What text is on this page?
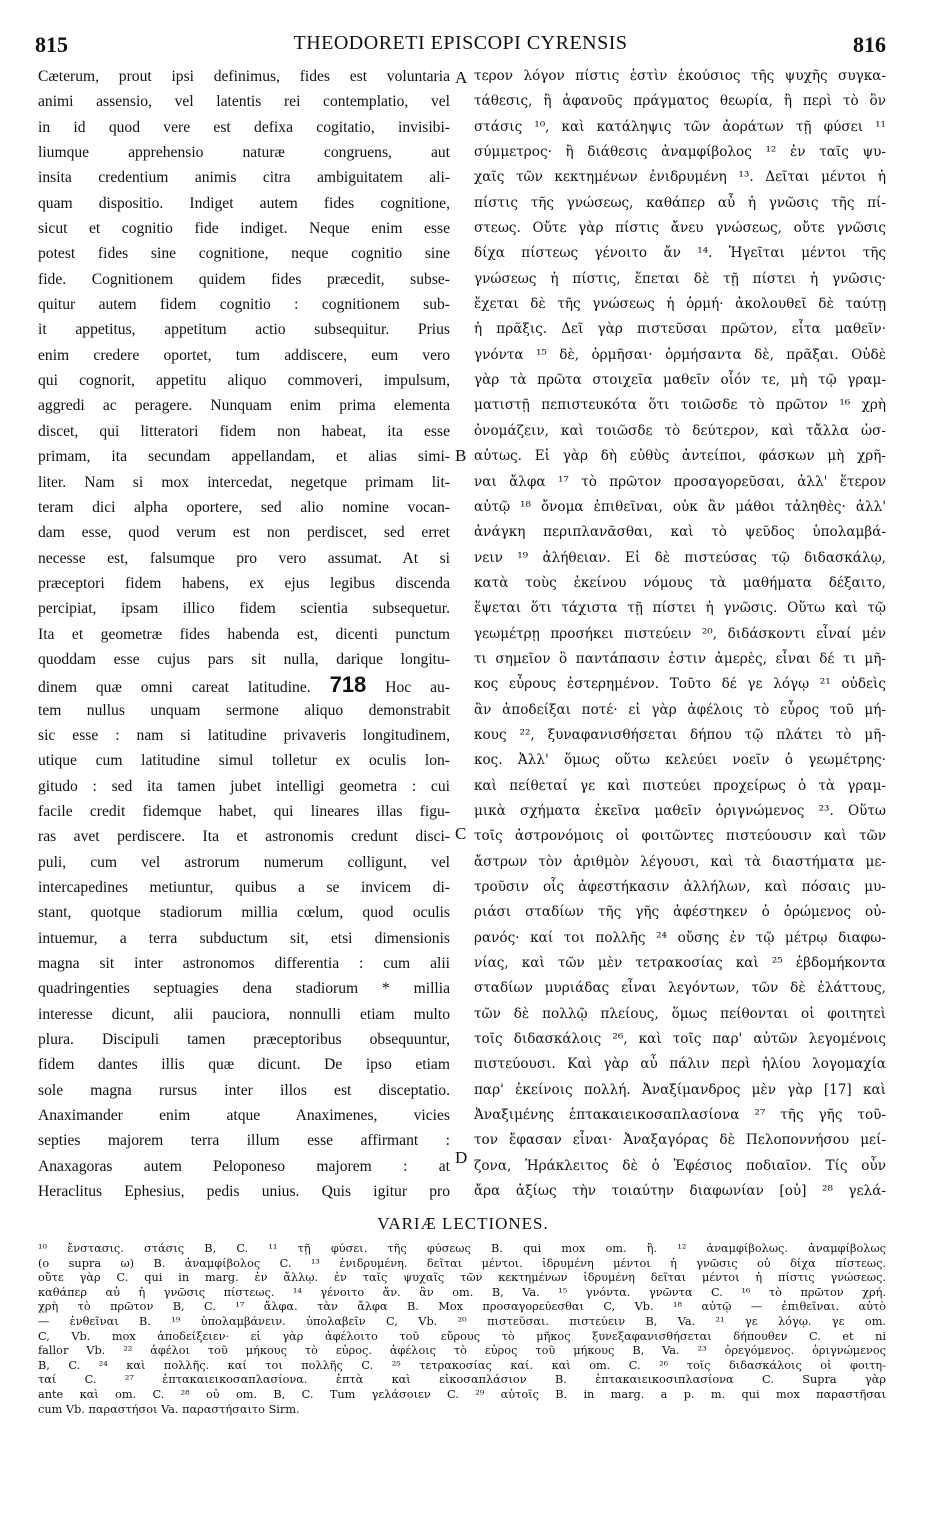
815	THEODORETI EPISCOPI CYRENSIS	816
Cæterum, prout ipsi definimus, fides est voluntaria
animi assensio, vel latentis rei contemplatio, vel
in id quod vere est defixa cogitatio, invisibi-
liumque apprehensio naturæ congruens, aut
insita credentium animis citra ambiguitatem ali-
quam dispositio. Indiget autem fides cognitione,
sicut et cognitio fide indiget. Neque enim esse
potest fides sine cognitione, neque cognitio sine
fide. Cognitionem quidem fides præcedit, subse-
quitur autem fidem cognitio : cognitionem sub-
it appetitus, appetitum actio subsequitur. Prius
enim credere oportet, tum addiscere, eum vero
qui cognorit, appetitu aliquo commoveri, impulsum,
aggredi ac peragere. Nunquam enim prima elementa
discet, qui litteratori fidem non habeat, ita esse
primam, ita secundam appellandam, et alias simi-
liter. Nam si mox intercedat, negetque primam lit-
teram dici alpha oportere, sed alio nomine vocan-
dam esse, quod verum est non perdiscet, sed erret
necesse est, falsumque pro vero assumat. At si
præceptori fidem habens, ex ejus legibus discenda
percipiat, ipsam illico fidem scientia subsequetur.
Ita et geometræ fides habenda est, dicenti punctum
quoddam esse cujus pars sit nulla, darique longitu-
dinem quæ omni careat latitudine. 718 Hoc au-
tem nullus unquam sermone aliquo demonstrabit
sic esse : nam si latitudine privaveris longitudinem,
utique cum latitudine simul tolletur ex oculis lon-
gitudo : sed ita tamen jubet intelligi geometra : cui
facile credit fidemque habet, qui lineares illas figu-
ras avet perdiscere. Ita et astronomis credunt disci-
puli, cum vel astrorum numerum colligunt, vel
intercapedines metiuntur, quibus a se invicem di-
stant, quotque stadiorum millia cœlum, quod oculis
intuemur, a terra subductum sit, etsi dimensionis
magna sit inter astronomos differentia : cum alii
quadringenties septuagies dena stadiorum * millia
interesse dicunt, alii pauciora, nonnulli etiam multo
plura. Discipuli tamen præceptoribus obsequuntur,
fidem dantes illis quæ dicunt. De ipso etiam
sole magna rursus inter illos est disceptatio.
Anaximander enim atque Anaximenes, vicies
septies majorem terra illum esse affirmant :
Anaxagoras autem Peloponeso majorem : at
Heraclitus Ephesius, pedis unius. Quis igitur pro
τερον λόγον πίστις ἐστὶν ἑκούσιος τῆς ψυχῆς συγκα-
τάθεσις, ἢ ἀφανοῦς πράγματος θεωρία, ἢ περὶ τὸ ὂν
στάσις ¹⁰, καὶ κατάληψις τῶν ἀοράτων τῇ φύσει ¹¹
σύμμετρος· ἢ διάθεσις ἀναμφίβολος ¹² ἐν ταῖς ψυ-
χαῖς τῶν κεκτημένων ἐνιδρυμένη ¹³. Δεῖται μέντοι ἡ
πίστις τῆς γνώσεως, καθάπερ αὖ ἡ γνῶσις τῆς πί-
στεως. Οὔτε γὰρ πίστις ἄνευ γνώσεως, οὔτε γνῶσις
δίχα πίστεως γένοιτο ἄν ¹⁴. Ἡγεῖται μέντοι τῆς
γνώσεως ἡ πίστις, ἕπεται δὲ τῇ πίστει ἡ γνῶσις·
ἔχεται δὲ τῆς γνώσεως ἡ ὁρμή· ἀκολουθεῖ δὲ ταύτῃ
ἡ πρᾶξις. Δεῖ γὰρ πιστεῦσαι πρῶτον, εἶτα μαθεῖν·
γνόντα ¹⁵ δὲ, ὁρμῆσαι· ὁρμήσαντα δὲ, πρᾶξαι. Οὐδὲ
γὰρ τὰ πρῶτα στοιχεῖα μαθεῖν οἷόν τε, μὴ τῷ γραμ-
ματιστῇ πεπιστευκότα ὅτι τοιῶσδε τὸ πρῶτον ¹⁶ χρὴ
ὀνομάζειν, καὶ τοιῶσδε τὸ δεύτερον, καὶ τἄλλα ὡσ-
αὐτως. Εἰ γὰρ δὴ εὐθὺς ἀντείποι, φάσκων μὴ χρῆ-
ναι ἄλφα ¹⁷ τὸ πρῶτον προσαγορεῦσαι, ἀλλ' ἕτερον
αὐτῷ ¹⁸ ὄνομα ἐπιθεῖναι, οὐκ ἂν μάθοι τἀληθὲς· ἀλλ'
ἀνάγκη περιπλανᾶσθαι, καὶ τὸ ψεῦδος ὑπολαμβά-
νειν ¹⁹ ἀλήθειαν. Εἰ δὲ πιστεύσας τῷ διδασκάλῳ,
κατὰ τοὺς ἐκείνου νόμους τὰ μαθήματα δέξαιτο,
ἕψεται ὅτι τάχιστα τῇ πίστει ἡ γνῶσις. Οὕτω καὶ τῷ
γεωμέτρῃ προσήκει πιστεύειν ²⁰, διδάσκοντι εἶναί μέν
τι σημεῖον ὃ παντάπασιν ἐστιν ἀμερὲς, εἶναι δέ τι μῆ-
κος εὖρους ἐστερημένον. Τοῦτο δέ γε λόγῳ ²¹ οὐδεὶς
ἂν ἀποδείξαι ποτέ· εἰ γὰρ ἀφέλοις τὸ εὖρος τοῦ μή-
κους ²², ξυναφανισθήσεται δήπου τῷ πλάτει τὸ μῆ-
κος. Ἀλλ' ὅμως οὕτω κελεύει νοεῖν ὁ γεωμέτρης·
καὶ πείθεταί γε καὶ πιστεύει προχείρως ὁ τὰ γραμ-
μικὰ σχήματα ἐκεῖνα μαθεῖν ὀριγνώμενος ²³. Οὕτω
τοῖς ἀστρονόμοις οἱ φοιτῶντες πιστεύουσιν καὶ τῶν
ἄστρων τὸν ἀριθμὸν λέγουσι, καὶ τὰ διαστήματα με-
τροῦσιν οἷς ἀφεστήκασιν ἀλλήλων, καὶ πόσαις μυ-
ριάσι σταδίων τῆς γῆς ἀφέστηκεν ὁ ὁρώμενος οὐ-
ρανός· καί τοι πολλῆς ²⁴ οὔσης ἐν τῷ μέτρῳ διαφω-
νίας, καὶ τῶν μὲν τετρακοσίας καὶ ²⁵ ἑβδομήκοντα
σταδίων μυριάδας εἶναι λεγόντων, τῶν δὲ ἐλάττους,
τῶν δὲ πολλῷ πλείους, ὅμως πείθονται οἱ φοιτητεὶ
τοῖς διδασκάλοις ²⁶, καὶ τοῖς παρ' αὐτῶν λεγομένοις
πιστεύουσι. Καὶ γὰρ αὖ πάλιν περὶ ἡλίου λογομαχία
παρ' ἐκείνοις πολλή. Ἀναξίμανδρος μὲν γὰρ [17] καὶ
Ἀναξιμένης ἑπτακαιεικοσαπλασίονα ²⁷ τῆς γῆς τοῦ-
τον ἔφασαν εἶναι· Ἀναξαγόρας δὲ Πελοποννήσου μεί-
ζονα, Ἡράκλειτος δὲ ὁ Ἐφέσιος ποδιαῖον. Τίς οὖν
ἄρα ἀξίως τὴν τοιαύτην διαφωνίαν [οὐ] ²⁸ γελά-
A
B
C
D
VARIÆ LECTIONES.
¹⁰ ἔνστασις. στάσις B, C. ¹¹ τῇ φύσει. τῆς φύσεως B. qui mox om. ἢ. ¹² ἀναμφίβολως. ἀναμφίβολως
(o supra ω) B. ἀναμφίβολος C. ¹³ ἐνιδρυμένη. δεῖται μέντοι. ἱδρυμένη μέντοι ἡ γνῶσις οὐ δίχα πίστεως.
οὔτε γὰρ C. qui in marg. ἐν ἄλλῳ. ἐν ταῖς ψυχαῖς τῶν κεκτημένων ἱδρυμένη δεῖται μέντοι ἡ πίστις γνώσεως.
καθάπερ αὖ ἡ γνῶσις πίστεως. ¹⁴ γένοιτο ἄν. ἂν om. B, Va. ¹⁵ γνόντα. γνῶντα C. ¹⁶ τὸ πρῶτον χρή.
χρὴ τὸ πρῶτον B, C. ¹⁷ ἄλφα. τὰν ἄλφα B. Mox προσαγορεύεσθαι C, Vb. ¹⁸ αὐτῷ — ἐπιθεῖναι. αὐτὸ
— ἐνθεῖναι B. ¹⁹ ὑπολαμβάνειν. ὑπολαβεῖν C, Vb. ²⁰ πιστεῦσαι. πιστεύειν B, Va. ²¹ γε λόγῳ. γε om.
C, Vb. mox ἀποδείξειεν· εἰ γὰρ ἀφέλοιτο τοῦ εὔρους τὸ μῆκος ξυνεξαφανισθήσεται δήπουθεν C. et ni
fallor Vb. ²² ἀφέλοι τοῦ μήκους τὸ εὖρος. ἀφέλοις τὸ εὖρος τοῦ μήκους B, Va. ²³ ὀρεγόμενος. ὀριγνώμενος
B, C. ²⁴ καὶ πολλῆς. καί τοι πολλῆς C. ²⁵ τετρακοσίας καί. καὶ om. C. ²⁶ τοῖς διδασκάλοις οἱ φοιτη-
ταί C. ²⁷ ἑπτακαιεικοσαπλασίονα. ἑπτὰ καὶ εἰκοσαπλάσιον B. ἑπτακαιεικοσιπλασίονα C. Supra γὰρ
ante καὶ om. C. ²⁸ οὐ om. B, C. Tum γελάσοιεν C. ²⁹ αὐτοῖς B. in marg. a p. m. qui mox παραστῆσαι
cum Vb. παραστήσοι Va. παραστήσαιτο Sirm.
